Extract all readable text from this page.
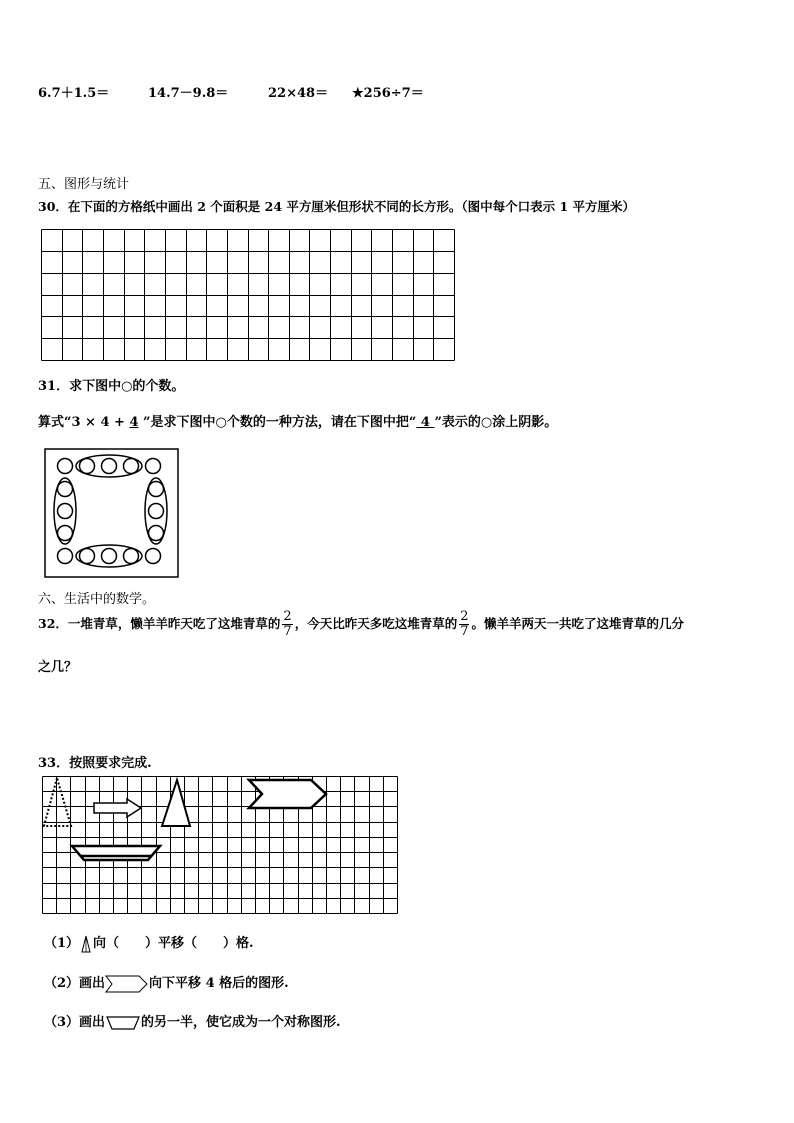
6.7＋1.5＝	14.7－9.8＝	22×48＝ ★256÷7＝
五、图形与统计
30．在下面的方格纸中画出 2 个面积是 24 平方厘米但形状不同的长方形。（图中每个口表示 1 平方厘米）
31．求下图中○的个数。
算式“3 × 4 + 4 ”是求下图中○个数的一种方法，请在下图中把“ 4 ”表示的○涂上阴影。
六、生活中的数学。
32．一堆青草，懒羊羊昨天吃了这堆青草的 $\frac{2}{7}$ ，今天比昨天多吃这堆青草的 $\frac{2}{7}$ 。懒羊羊两天一共吃了这堆青草的几分
之几？
33．按照要求完成.
（1） 向（　　）平移（　　）格.
（2）画出	向下平移 4 格后的图形.
（3）画出	的另一半，使它成为一个对称图形.
